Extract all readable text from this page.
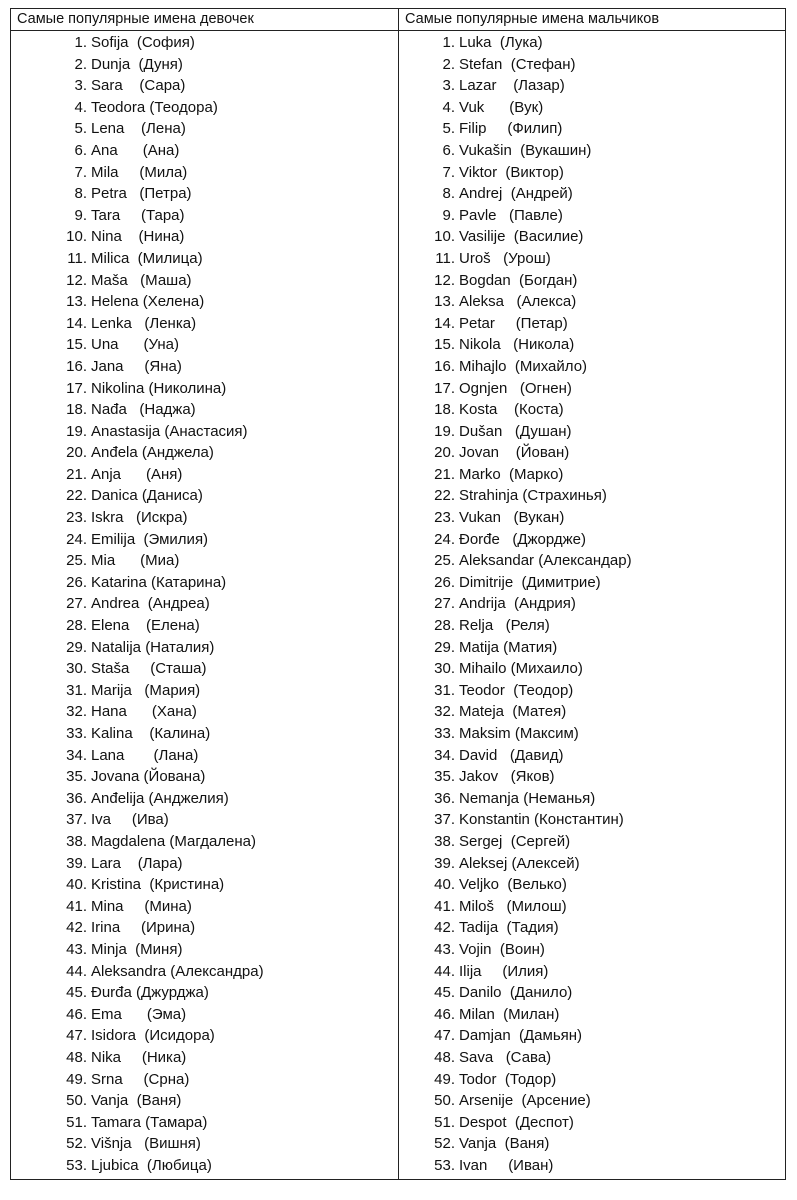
Самые популярные имена девочек	Самые популярные имена мальчиков
1. Sofija  (София)
2. Dunja  (Дуня)
3. Sara    (Сара)
4. Teodora (Теодора)
5. Lena    (Лена)
6. Ana      (Ана)
7. Mila     (Мила)
8. Petra   (Петра)
9. Tara     (Тара)
10. Nina    (Нина)
11. Milica  (Милица)
12. Maša   (Маша)
13. Helena (Хелена)
14. Lenka   (Ленка)
15. Una      (Уна)
16. Jana     (Яна)
17. Nikolina (Николина)
18. Nađa   (Наджа)
19. Anastasija (Анастасия)
20. Anđela (Анджела)
21. Anja      (Аня)
22. Danica (Даниса)
23. Iskra   (Искра)
24. Emilija  (Эмилия)
25. Mia      (Миа)
26. Katarina (Катарина)
27. Andrea  (Андреа)
28. Elena    (Елена)
29. Natalija (Наталия)
30. Staša     (Сташа)
31. Marija   (Мария)
32. Hana      (Хана)
33. Kalina    (Калина)
34. Lana       (Лана)
35. Jovana (Йована)
36. Anđelija (Анджелия)
37. Iva     (Ива)
38. Magdalena (Магдалена)
39. Lara    (Лара)
40. Kristina  (Кристина)
41. Mina     (Мина)
42. Irina     (Ирина)
43. Minja  (Миня)
44. Aleksandra (Александра)
45. Đurđa (Джурджа)
46. Ema      (Эма)
47. Isidora  (Исидора)
48. Nika     (Ника)
49. Srna     (Срна)
50. Vanja  (Ваня)
51. Tamara (Тамара)
52. Višnja   (Вишня)
53. Ljubica  (Любица)
1. Luka  (Лука)
2. Stefan  (Стефан)
3. Lazar    (Лазар)
4. Vuk      (Вук)
5. Filip     (Филип)
6. Vukašin  (Вукашин)
7. Viktor  (Виктор)
8. Andrej  (Андрей)
9. Pavle   (Павле)
10. Vasilije  (Василие)
11. Uroš   (Урош)
12. Bogdan  (Богдан)
13. Aleksa   (Алекса)
14. Petar     (Петар)
15. Nikola   (Никола)
16. Mihajlo  (Михайло)
17. Ognjen   (Огнен)
18. Kosta    (Коста)
19. Dušan   (Душан)
20. Jovan    (Йован)
21. Marko  (Марко)
22. Strahinja (Страхинья)
23. Vukan   (Вукан)
24. Đorđe   (Джордже)
25. Aleksandar (Александар)
26. Dimitrije  (Димитрие)
27. Andrija  (Андрия)
28. Relja   (Реля)
29. Matija (Матия)
30. Mihailo (Михаило)
31. Teodor  (Теодор)
32. Mateja  (Матея)
33. Maksim (Максим)
34. David   (Давид)
35. Jakov   (Яков)
36. Nemanja (Неманья)
37. Konstantin (Константин)
38. Sergej  (Сергей)
39. Aleksej (Алексей)
40. Veljko  (Велько)
41. Miloš   (Милош)
42. Tadija  (Тадия)
43. Vojin  (Воин)
44. Ilija     (Илия)
45. Danilo  (Данило)
46. Milan  (Милан)
47. Damjan  (Дамьян)
48. Sava   (Сава)
49. Todor  (Тодор)
50. Arsenije  (Арсение)
51. Despot  (Деспот)
52. Vanja  (Ваня)
53. Ivan     (Иван)
